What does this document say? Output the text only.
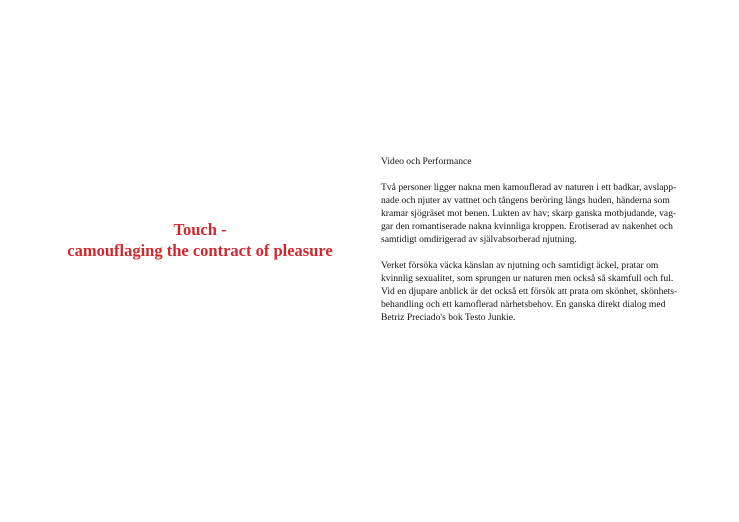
Touch -
camouflaging the contract of pleasure
Video och Performance
Två personer ligger nakna men kamouflerad av naturen i ett badkar, avslapp-
nade och njuter av vattnet och tångens beröring längs huden, händerna som
kramar sjögräset mot benen. Lukten av hav; skarp ganska motbjudande, vag-
gar den romantiserade nakna kvinnliga kroppen. Erotiserad av nakenhet och
samtidigt omdirigerad av självabsorberad njutning.
Verket försöka väcka känslan av njutning och samtidigt äckel, pratar om
kvinnlig sexualitet, som sprungen ur naturen men också så skamfull och ful.
Vid en djupare anblick är det också ett försök att prata om skönhet, skönhets-
behandling och ett kamoflerad närhetsbehov. En ganska direkt dialog med
Betriz Preciado's bok Testo Junkie.
